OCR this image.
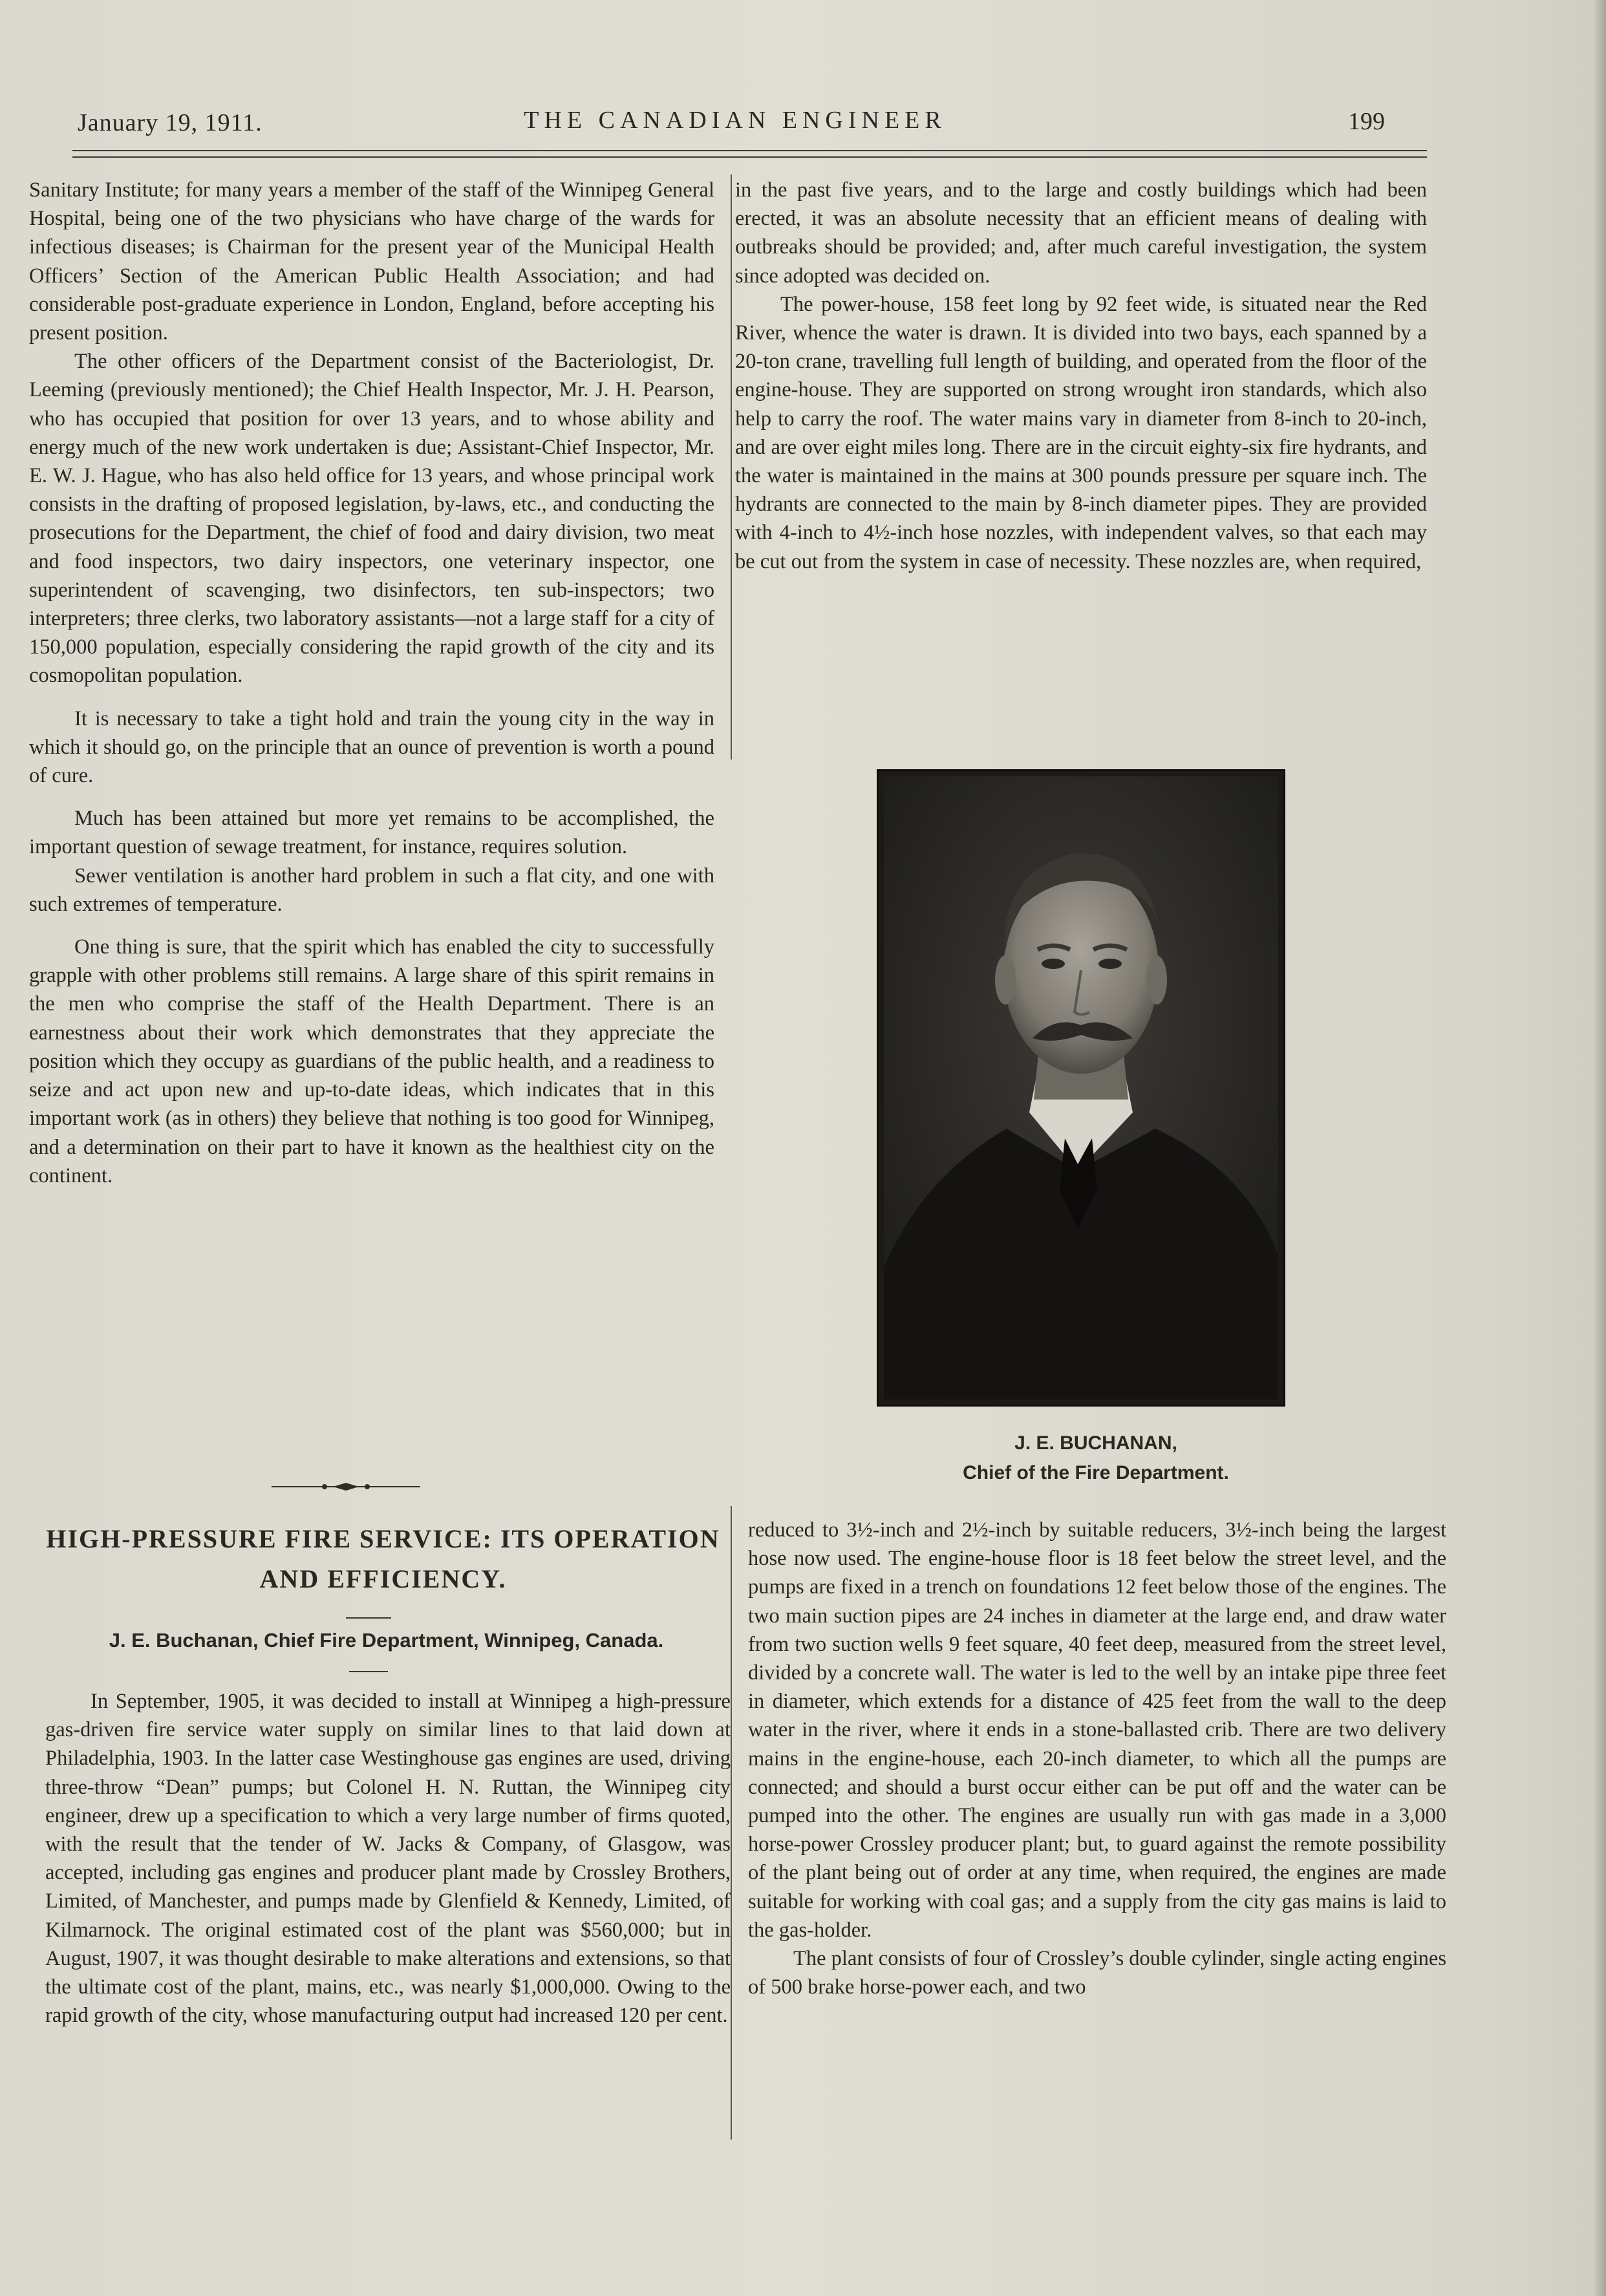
January 19, 1911.	THE CANADIAN ENGINEER	199

Sanitary Institute; for many years a member of the staff of the Winnipeg General Hospital, being one of the two physicians who have charge of the wards for infectious diseases; is Chairman for the present year of the Municipal Health Officers’ Section of the American Public Health Association; and had considerable post-graduate experience in London, England, before accepting his present position.

The other officers of the Department consist of the Bacteriologist, Dr. Leeming (previously mentioned); the Chief Health Inspector, Mr. J. H. Pearson, who has occupied that position for over 13 years, and to whose ability and energy much of the new work undertaken is due; Assistant-Chief Inspector, Mr. E. W. J. Hague, who has also held office for 13 years, and whose principal work consists in the drafting of proposed legislation, by-laws, etc., and conducting the prosecutions for the Department, the chief of food and dairy division, two meat and food inspectors, two dairy inspectors, one veterinary inspector, one superintendent of scavenging, two disinfectors, ten sub-inspectors; two interpreters; three clerks, two laboratory assistants—not a large staff for a city of 150,000 population, especially considering the rapid growth of the city and its cosmopolitan population.

It is necessary to take a tight hold and train the young city in the way in which it should go, on the principle that an ounce of prevention is worth a pound of cure.

Much has been attained but more yet remains to be accomplished, the important question of sewage treatment, for instance, requires solution.

Sewer ventilation is another hard problem in such a flat city, and one with such extremes of temperature.

One thing is sure, that the spirit which has enabled the city to successfully grapple with other problems still remains. A large share of this spirit remains in the men who comprise the staff of the Health Department. There is an earnestness about their work which demonstrates that they appreciate the position which they occupy as guardians of the public health, and a readiness to seize and act upon new and up-to-date ideas, which indicates that in this important work (as in others) they believe that nothing is too good for Winnipeg, and a determination on their part to have it known as the healthiest city on the continent.

HIGH-PRESSURE FIRE SERVICE: ITS OPERATION AND EFFICIENCY.
J. E. Buchanan, Chief Fire Department, Winnipeg, Canada.

In September, 1905, it was decided to install at Winnipeg a high-pressure gas-driven fire service water supply on similar lines to that laid down at Philadelphia, 1903. In the latter case Westinghouse gas engines are used, driving three-throw “Dean” pumps; but Colonel H. N. Ruttan, the Winnipeg city engineer, drew up a specification to which a very large number of firms quoted, with the result that the tender of W. Jacks & Company, of Glasgow, was accepted, including gas engines and producer plant made by Crossley Brothers, Limited, of Manchester, and pumps made by Glenfield & Kennedy, Limited, of Kilmarnock. The original estimated cost of the plant was $560,000; but in August, 1907, it was thought desirable to make alterations and extensions, so that the ultimate cost of the plant, mains, etc., was nearly $1,000,000. Owing to the rapid growth of the city, whose manufacturing output had increased 120 per cent.

in the past five years, and to the large and costly buildings which had been erected, it was an absolute necessity that an efficient means of dealing with outbreaks should be provided; and, after much careful investigation, the system since adopted was decided on.

The power-house, 158 feet long by 92 feet wide, is situated near the Red River, whence the water is drawn. It is divided into two bays, each spanned by a 20-ton crane, travelling full length of building, and operated from the floor of the engine-house. They are supported on strong wrought iron standards, which also help to carry the roof. The water mains vary in diameter from 8-inch to 20-inch, and are over eight miles long. There are in the circuit eighty-six fire hydrants, and the water is maintained in the mains at 300 pounds pressure per square inch. The hydrants are connected to the main by 8-inch diameter pipes. They are provided with 4-inch to 4½-inch hose nozzles, with independent valves, so that each may be cut out from the system in case of necessity. These nozzles are, when required,

J. E. BUCHANAN,
Chief of the Fire Department.

reduced to 3½-inch and 2½-inch by suitable reducers, 3½-inch being the largest hose now used. The engine-house floor is 18 feet below the street level, and the pumps are fixed in a trench on foundations 12 feet below those of the engines. The two main suction pipes are 24 inches in diameter at the large end, and draw water from two suction wells 9 feet square, 40 feet deep, measured from the street level, divided by a concrete wall. The water is led to the well by an intake pipe three feet in diameter, which extends for a distance of 425 feet from the wall to the deep water in the river, where it ends in a stone-ballasted crib. There are two delivery mains in the engine-house, each 20-inch diameter, to which all the pumps are connected; and should a burst occur either can be put off and the water can be pumped into the other. The engines are usually run with gas made in a 3,000 horse-power Crossley producer plant; but, to guard against the remote possibility of the plant being out of order at any time, when required, the engines are made suitable for working with coal gas; and a supply from the city gas mains is laid to the gas-holder.

The plant consists of four of Crossley’s double cylinder, single acting engines of 500 brake horse-power each, and two
